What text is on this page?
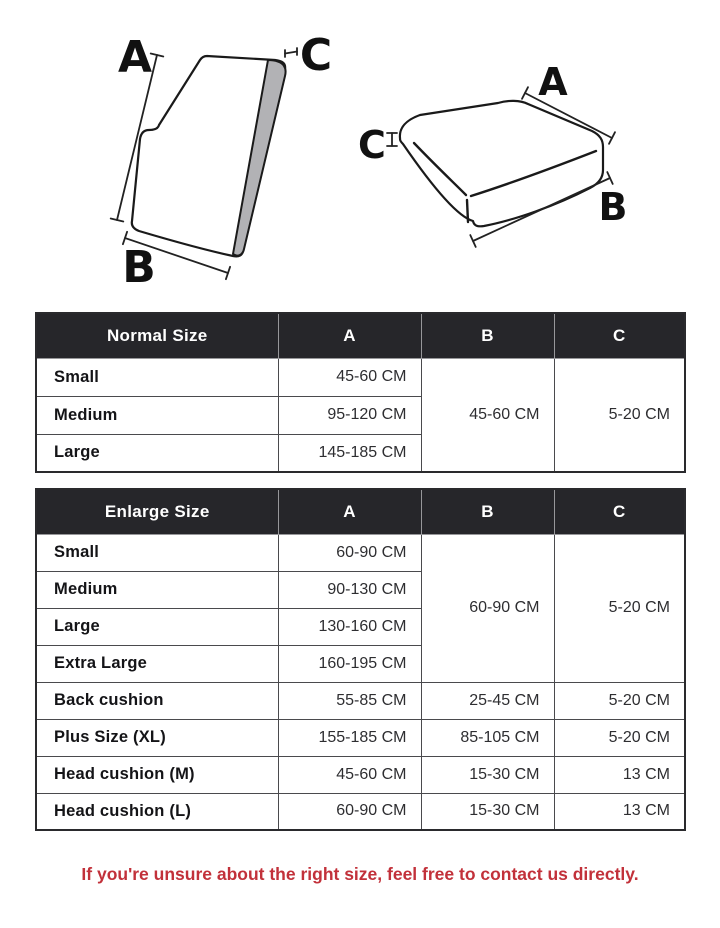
A
B
C
A
B
C
Normal Size	A	B	C
Small	45-60 CM	45-60 CM	5-20 CM
Medium	95-120 CM		
Large	145-185 CM		
Enlarge Size	A	B	C
Small	60-90 CM	60-90 CM	5-20 CM
Medium	90-130 CM		
Large	130-160 CM		
Extra Large	160-195 CM		
Back cushion	55-85 CM	25-45 CM	5-20 CM
Plus Size (XL)	155-185 CM	85-105 CM	5-20 CM
Head cushion (M)	45-60 CM	15-30 CM	13 CM
Head cushion (L)	60-90 CM	15-30 CM	13 CM
If you're unsure about the right size, feel free to contact us directly.
